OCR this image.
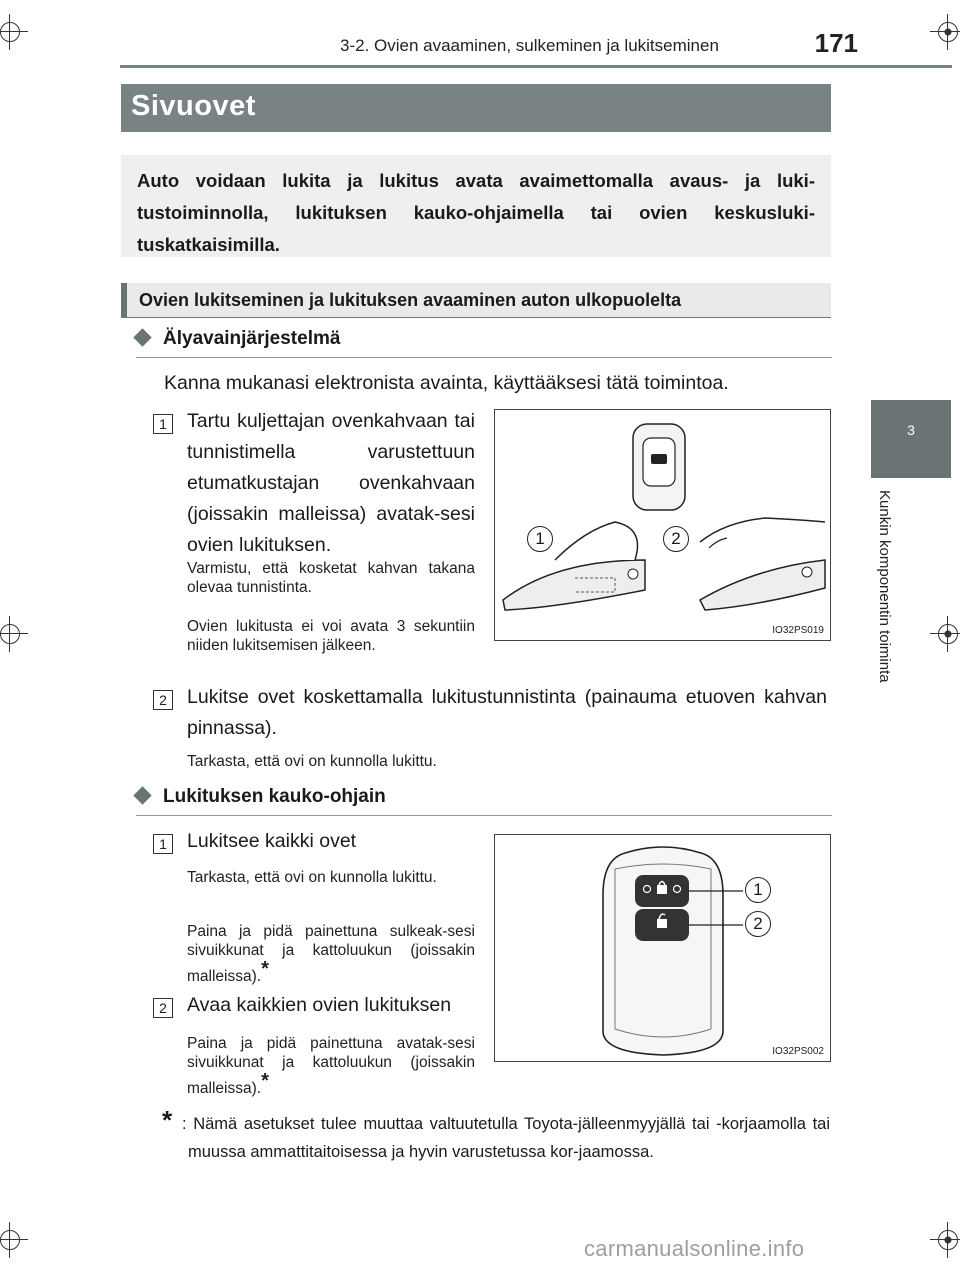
3-2. Ovien avaaminen, sulkeminen ja lukitseminen	171
3
Kunkin komponentin toiminta
Sivuovet
Auto voidaan lukita ja lukitus avata avaimettomalla avaus- ja luki-tustoiminnolla, lukituksen kauko-ohjaimella tai ovien keskusluki-tuskatkaisimilla.
Ovien lukitseminen ja lukituksen avaaminen auton ulkopuolelta
Älyavainjärjestelmä
Kanna mukanasi elektronista avainta, käyttääksesi tätä toimintoa.
1	Tartu kuljettajan ovenkahvaan tai tunnistimella varustettuun etumatkustajan ovenkahvaan (joissakin malleissa) avatak-sesi ovien lukituksen.
Varmistu, että kosketat kahvan takana olevaa tunnistinta.
Ovien lukitusta ei voi avata 3 sekuntiin niiden lukitsemisen jälkeen.
1	2
IO32PS019
2	Lukitse ovet koskettamalla lukitustunnistinta (painauma etuoven kahvan pinnassa).
Tarkasta, että ovi on kunnolla lukittu.
Lukituksen kauko-ohjain
1	Lukitsee kaikki ovet
Tarkasta, että ovi on kunnolla lukittu.
Paina ja pidä painettuna sulkeak-sesi sivuikkunat ja kattoluukun (joissakin malleissa).*
2	Avaa kaikkien ovien lukituksen
Paina ja pidä painettuna avatak-sesi sivuikkunat ja kattoluukun (joissakin malleissa).*
1
2
IO32PS002
* : Nämä asetukset tulee muuttaa valtuutetulla Toyota-jälleenmyyjällä tai -korjaamolla tai muussa ammattitaitoisessa ja hyvin varustetussa kor-jaamossa.
carmanualsonline.info
